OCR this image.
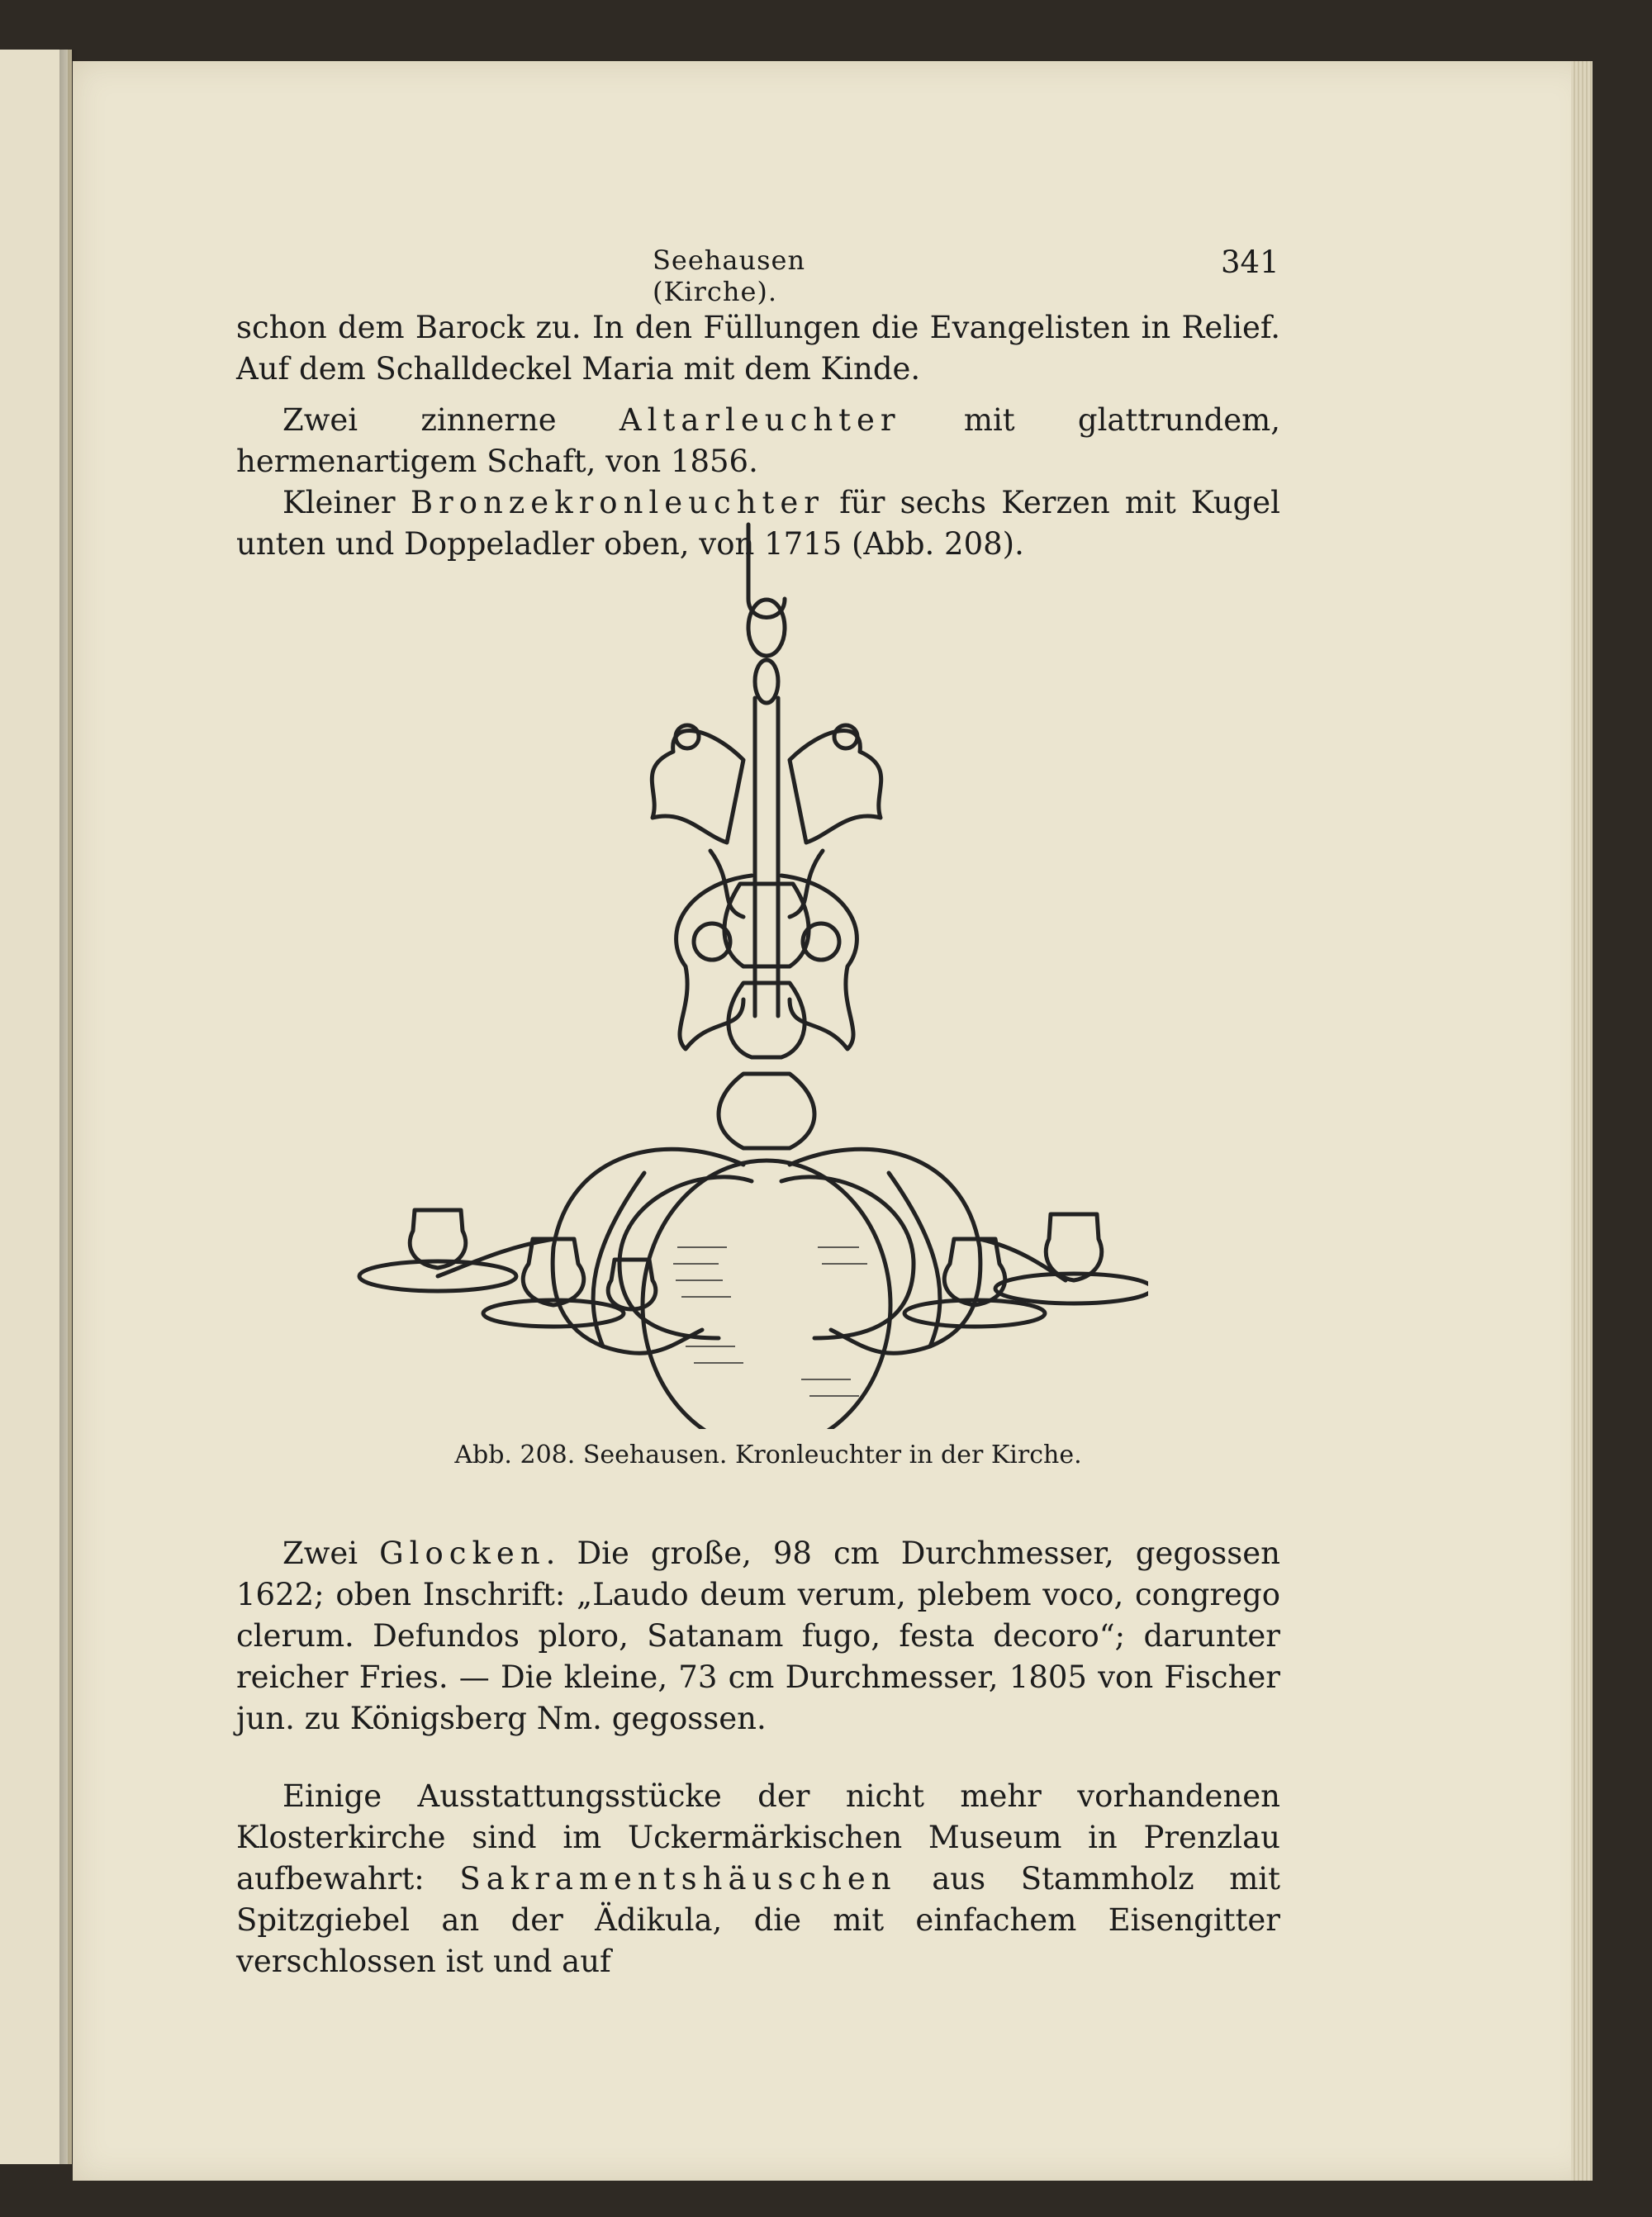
Seehausen (Kirche).
341

schon dem Barock zu. In den Füllungen die Evangelisten in Relief. Auf dem Schalldeckel Maria mit dem Kinde.

Zwei zinnerne Altarleuchter mit glattrundem, hermenartigem Schaft, von 1856.

Kleiner Bronzekronleuchter für sechs Kerzen mit Kugel unten und Doppeladler oben, von 1715 (Abb. 208).

Abb. 208. Seehausen. Kronleuchter in der Kirche.

Zwei Glocken. Die große, 98 cm Durchmesser, gegossen 1622; oben Inschrift: „Laudo deum verum, plebem voco, congrego clerum. Defundos ploro, Satanam fugo, festa decoro“; darunter reicher Fries. — Die kleine, 73 cm Durchmesser, 1805 von Fischer jun. zu Königsberg Nm. gegossen.

Einige Ausstattungsstücke der nicht mehr vorhandenen Klosterkirche sind im Uckermärkischen Museum in Prenzlau aufbewahrt: Sakramentshäuschen aus Stammholz mit Spitzgiebel an der Ädikula, die mit einfachem Eisengitter verschlossen ist und auf
